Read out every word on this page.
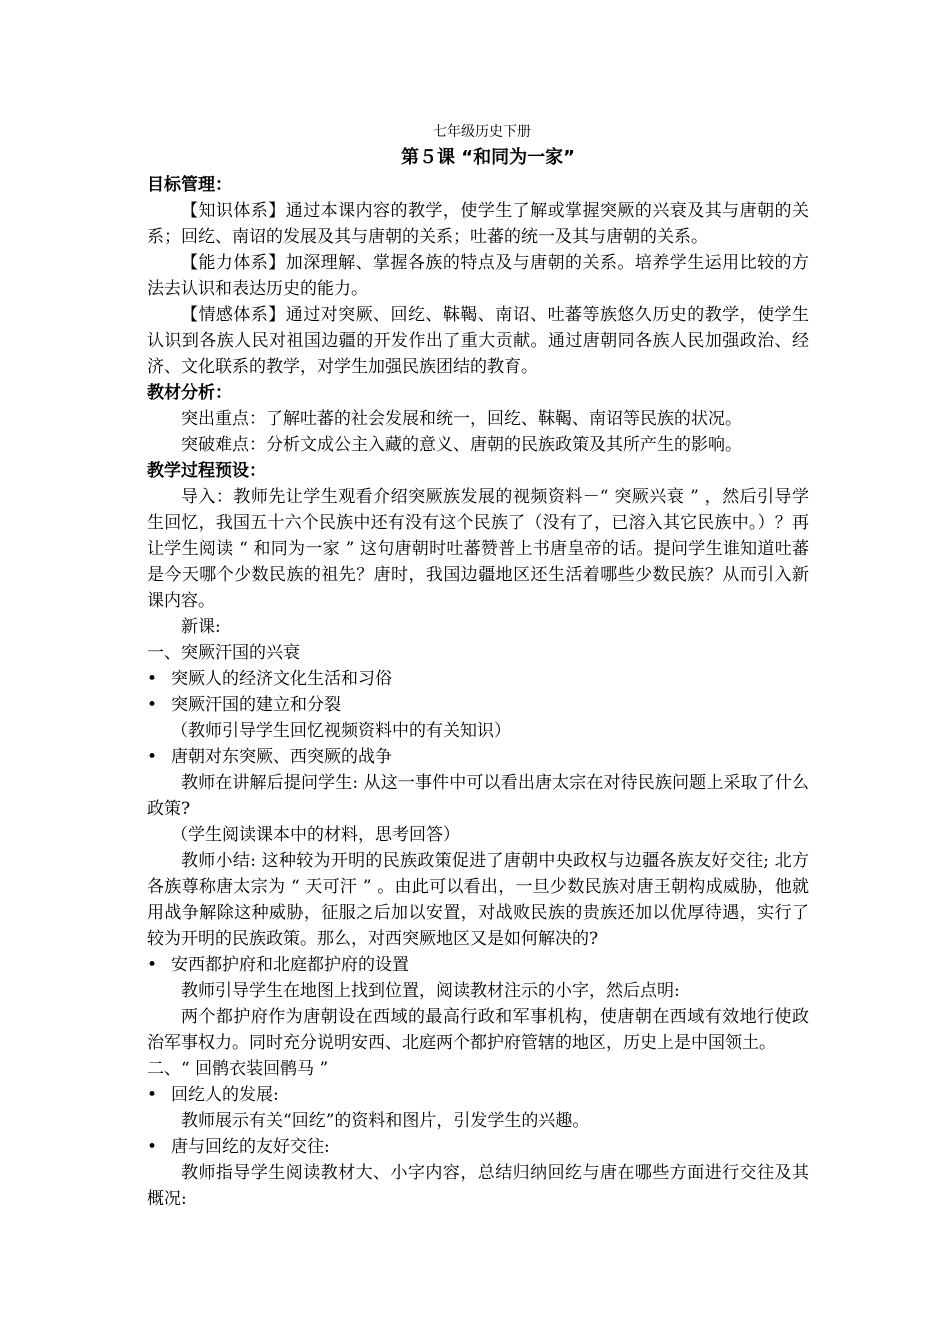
七年级历史下册
第５课 “和同为一家”
目标管理：

【知识体系】通过本课内容的教学，使学生了解或掌握突厥的兴衰及其与唐朝的关系；回纥、南诏的发展及其与唐朝的关系；吐蕃的统一及其与唐朝的关系。

【能力体系】加深理解、掌握各族的特点及与唐朝的关系。培养学生运用比较的方法去认识和表达历史的能力。

【情感体系】通过对突厥、回纥、靺鞨、南诏、吐蕃等族悠久历史的教学，使学生认识到各族人民对祖国边疆的开发作出了重大贡献。通过唐朝同各族人民加强政治、经济、文化联系的教学，对学生加强民族团结的教育。

教材分析：

突出重点：了解吐蕃的社会发展和统一，回纥、靺鞨、南诏等民族的状况。

突破难点：分析文成公主入藏的意义、唐朝的民族政策及其所产生的影响。

教学过程预设：

导入：教师先让学生观看介绍突厥族发展的视频资料－“ 突厥兴衰 ” ，然后引导学生回忆，我国五十六个民族中还有没有这个民族了（没有了，已溶入其它民族中。）？再让学生阅读 “ 和同为一家 ” 这句唐朝时吐蕃赞普上书唐皇帝的话。提问学生谁知道吐蕃是今天哪个少数民族的祖先？唐时，我国边疆地区还生活着哪些少数民族？从而引入新课内容。

新课:

一、突厥汗国的兴衰

• 突厥人的经济文化生活和习俗
• 突厥汗国的建立和分裂
（教师引导学生回忆视频资料中的有关知识）
• 唐朝对东突厥、西突厥的战争

教师在讲解后提问学生: 从这一事件中可以看出唐太宗在对待民族问题上采取了什么政策?

（学生阅读课本中的材料，思考回答）

教师小结: 这种较为开明的民族政策促进了唐朝中央政权与边疆各族友好交往; 北方各族尊称唐太宗为 “ 天可汗 ” 。由此可以看出，一旦少数民族对唐王朝构成威胁，他就用战争解除这种威胁，征服之后加以安置，对战败民族的贵族还加以优厚待遇，实行了较为开明的民族政策。那么，对西突厥地区又是如何解决的?

• 安西都护府和北庭都护府的设置

教师引导学生在地图上找到位置，阅读教材注示的小字，然后点明:

两个都护府作为唐朝设在西域的最高行政和军事机构，使唐朝在西域有效地行使政治军事权力。同时充分说明安西、北庭两个都护府管辖的地区，历史上是中国领土。

二、“ 回鹘衣装回鹘马 ”

• 回纥人的发展:

教师展示有关“回纥”的资料和图片，引发学生的兴趣。

• 唐与回纥的友好交往:

教师指导学生阅读教材大、小字内容，总结归纳回纥与唐在哪些方面进行交往及其概况:
